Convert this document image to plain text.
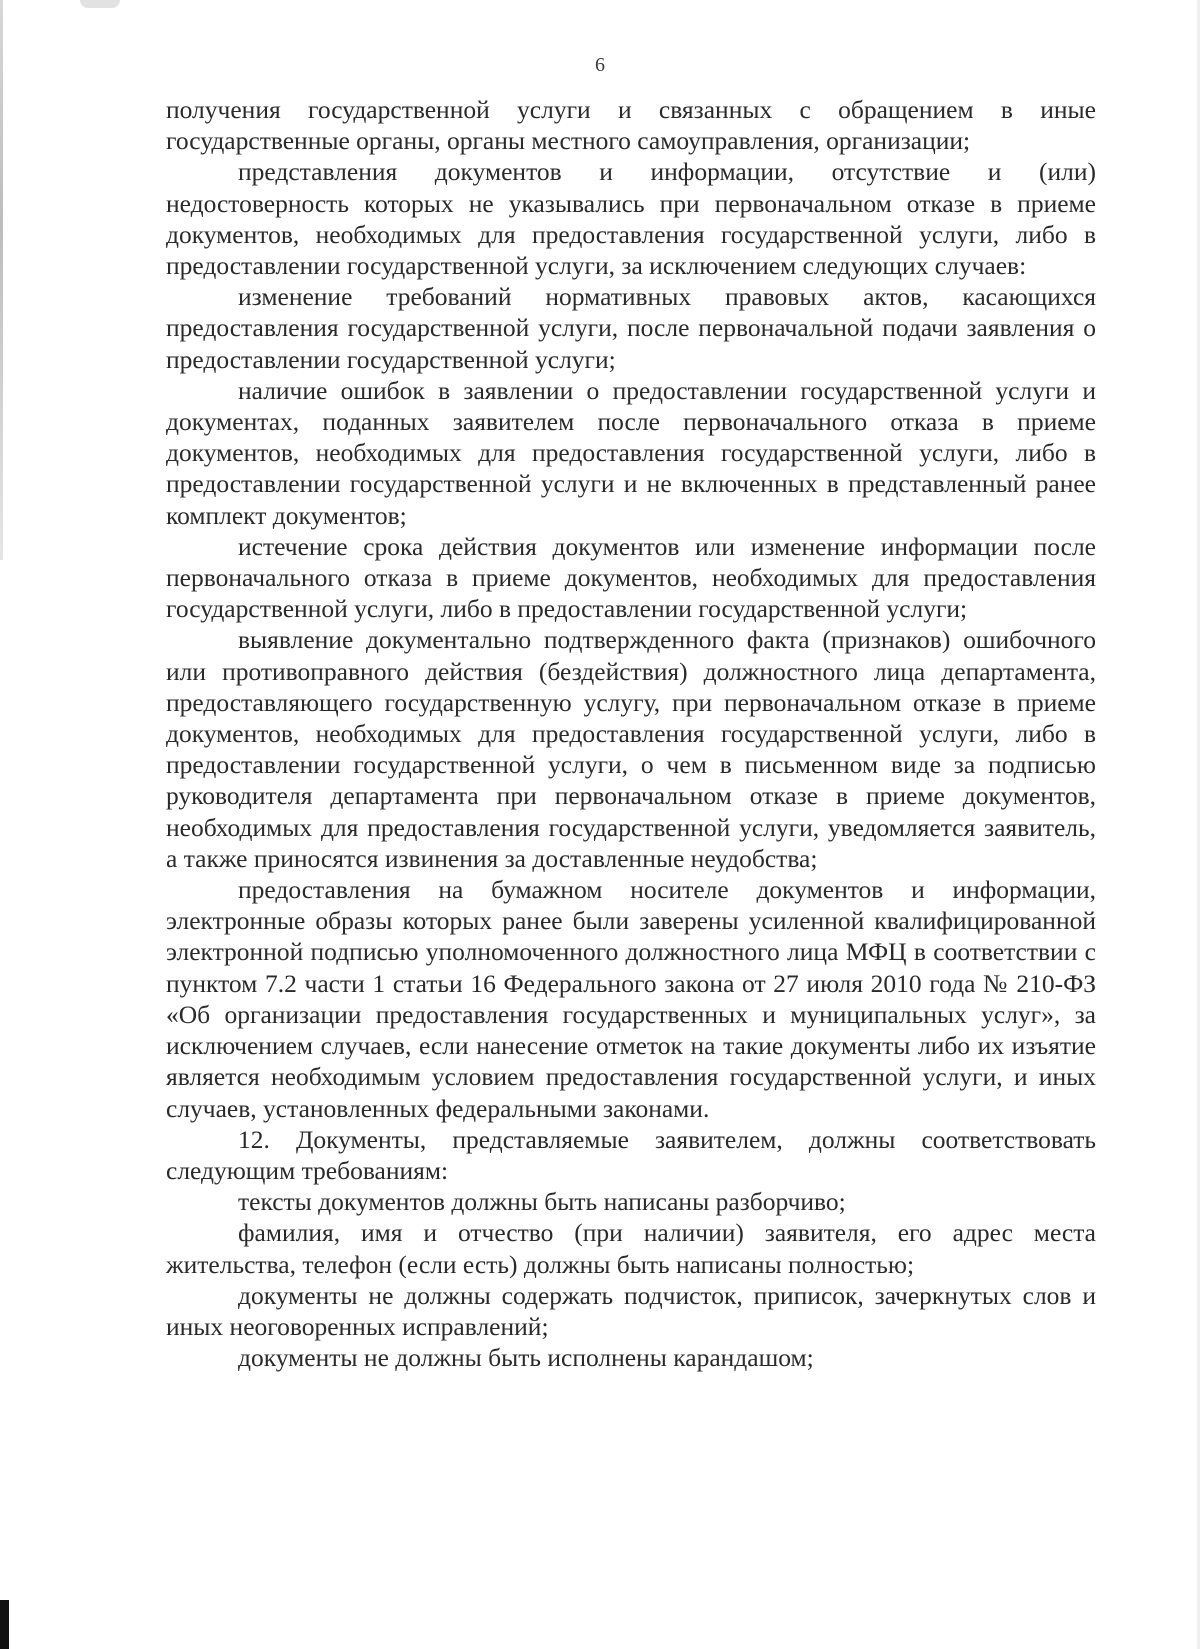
6

получения государственной услуги и связанных с обращением в иные государственные органы, органы местного самоуправления, организации;

представления документов и информации, отсутствие и (или) недостоверность которых не указывались при первоначальном отказе в приеме документов, необходимых для предоставления государственной услуги, либо в предоставлении государственной услуги, за исключением следующих случаев:

изменение требований нормативных правовых актов, касающихся предоставления государственной услуги, после первоначальной подачи заявления о предоставлении государственной услуги;

наличие ошибок в заявлении о предоставлении государственной услуги и документах, поданных заявителем после первоначального отказа в приеме документов, необходимых для предоставления государственной услуги, либо в предоставлении государственной услуги и не включенных в представленный ранее комплект документов;

истечение срока действия документов или изменение информации после первоначального отказа в приеме документов, необходимых для предоставления государственной услуги, либо в предоставлении государственной услуги;

выявление документально подтвержденного факта (признаков) ошибочного или противоправного действия (бездействия) должностного лица департамента, предоставляющего государственную услугу, при первоначальном отказе в приеме документов, необходимых для предоставления государственной услуги, либо в предоставлении государственной услуги, о чем в письменном виде за подписью руководителя департамента при первоначальном отказе в приеме документов, необходимых для предоставления государственной услуги, уведомляется заявитель, а также приносятся извинения за доставленные неудобства;

предоставления на бумажном носителе документов и информации, электронные образы которых ранее были заверены усиленной квалифицированной электронной подписью уполномоченного должностного лица МФЦ в соответствии с пунктом 7.2 части 1 статьи 16 Федерального закона от 27 июля 2010 года № 210-ФЗ «Об организации предоставления государственных и муниципальных услуг», за исключением случаев, если нанесение отметок на такие документы либо их изъятие является необходимым условием предоставления государственной услуги, и иных случаев, установленных федеральными законами.

12. Документы, представляемые заявителем, должны соответствовать следующим требованиям:

тексты документов должны быть написаны разборчиво;

фамилия, имя и отчество (при наличии) заявителя, его адрес места жительства, телефон (если есть) должны быть написаны полностью;

документы не должны содержать подчисток, приписок, зачеркнутых слов и иных неоговоренных исправлений;

документы не должны быть исполнены карандашом;
